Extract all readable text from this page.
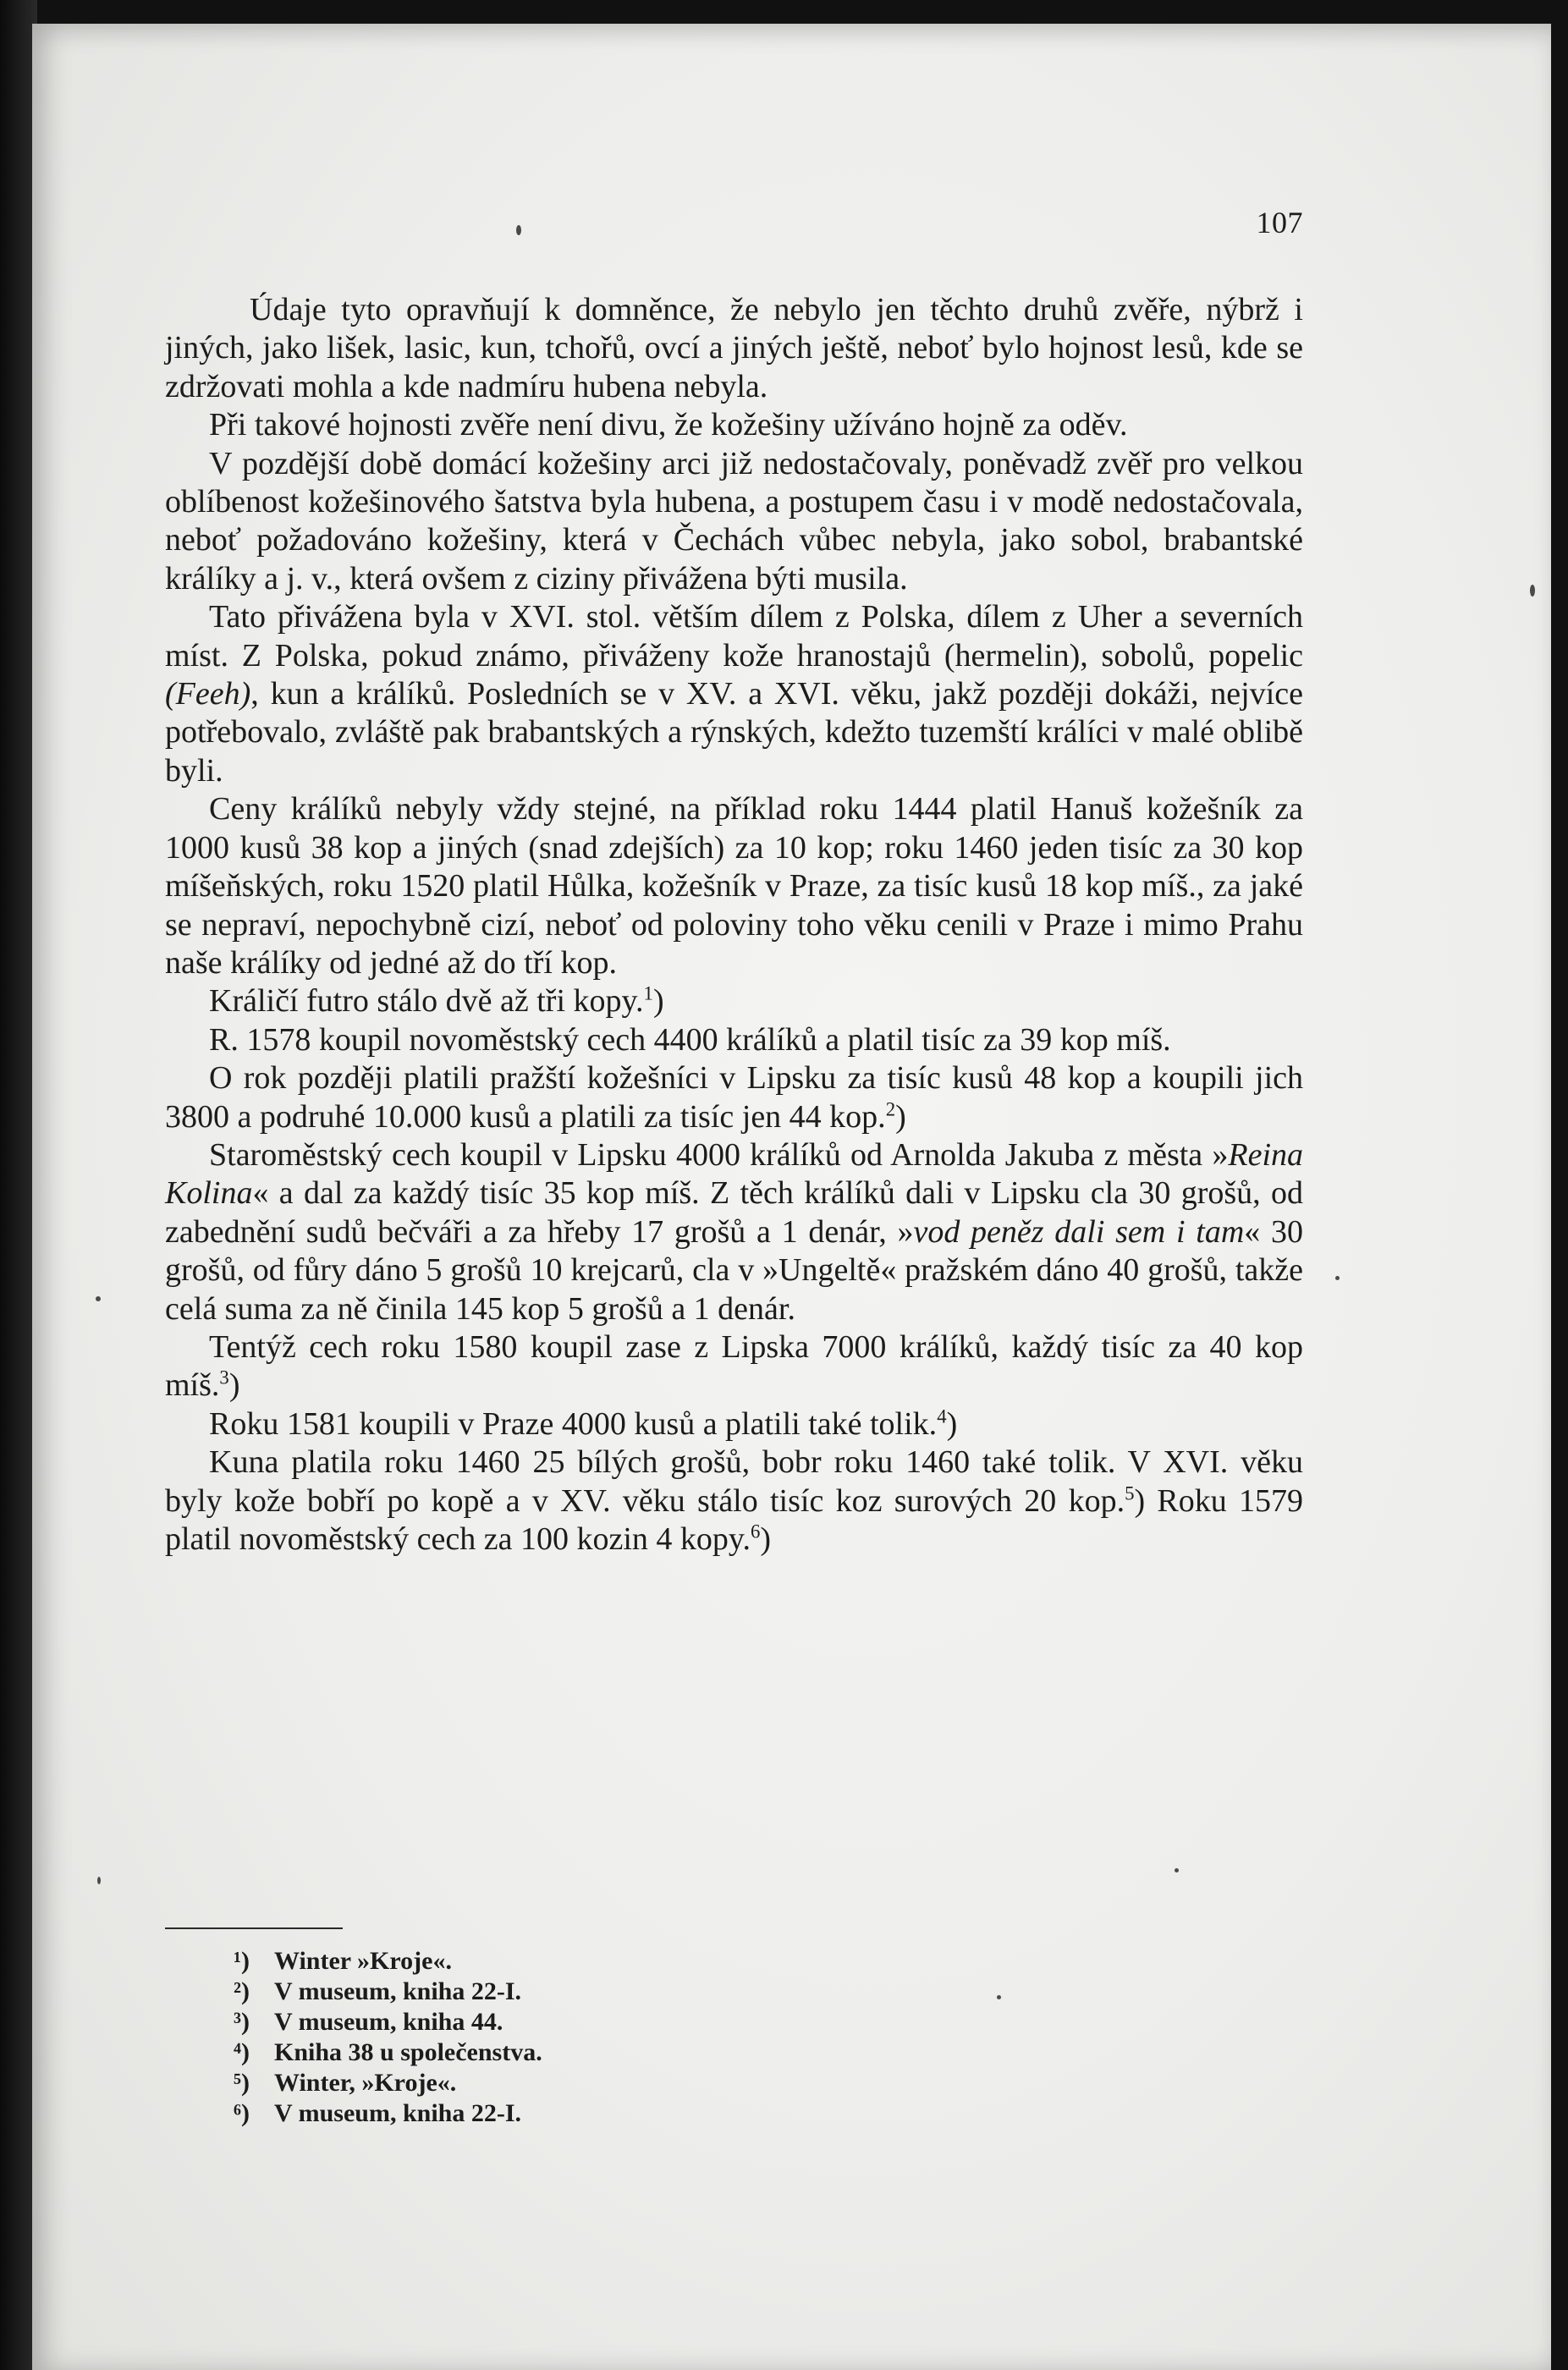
107

Údaje tyto opravňují k domněnce, že nebylo jen těchto druhů zvěře, nýbrž i jiných, jako lišek, lasic, kun, tchořů, ovcí a jiných ještě, neboť bylo hojnost lesů, kde se zdržovati mohla a kde nadmíru hubena nebyla.

Při takové hojnosti zvěře není divu, že kožešiny užíváno hojně za oděv.

V pozdější době domácí kožešiny arci již nedostačovaly, poněvadž zvěř pro velkou oblíbenost kožešinového šatstva byla hubena, a postupem času i v modě nedostačovala, neboť požadováno kožešiny, která v Čechách vůbec nebyla, jako sobol, brabantské králíky a j. v., která ovšem z ciziny přivážena býti musila.

Tato přivážena byla v XVI. stol. větším dílem z Polska, dílem z Uher a severních míst. Z Polska, pokud známo, přiváženy kože hranostajů (hermelin), sobolů, popelic (Feeh), kun a králíků. Posledních se v XV. a XVI. věku, jakž později dokáži, nejvíce potřebovalo, zvláště pak brabantských a rýnských, kdežto tuzemští králíci v malé oblibě byli.

Ceny králíků nebyly vždy stejné, na příklad roku 1444 platil Hanuš kožešník za 1000 kusů 38 kop a jiných (snad zdejších) za 10 kop; roku 1460 jeden tisíc za 30 kop míšeňských, roku 1520 platil Hůlka, kožešník v Praze, za tisíc kusů 18 kop míš., za jaké se nepraví, nepochybně cizí, neboť od poloviny toho věku cenili v Praze i mimo Prahu naše králíky od jedné až do tří kop.

Králičí futro stálo dvě až tři kopy.$^1$)

R. 1578 koupil novoměstský cech 4400 králíků a platil tisíc za 39 kop míš.

O rok později platili pražští kožešníci v Lipsku za tisíc kusů 48 kop a koupili jich 3800 a podruhé 10.000 kusů a platili za tisíc jen 44 kop.$^2$)

Staroměstský cech koupil v Lipsku 4000 králíků od Arnolda Jakuba z města »Reina Kolina« a dal za každý tisíc 35 kop míš. Z těch králíků dali v Lipsku cla 30 grošů, od zabednění sudů bečváři a za hřeby 17 grošů a 1 denár, »vod peněz dali sem i tam« 30 grošů, od fůry dáno 5 grošů 10 krejcarů, cla v »Ungeltě« pražském dáno 40 grošů, takže celá suma za ně činila 145 kop 5 grošů a 1 denár.

Tentýž cech roku 1580 koupil zase z Lipska 7000 králíků, každý tisíc za 40 kop míš.$^3$)

Roku 1581 koupili v Praze 4000 kusů a platili také tolik.$^4$)

Kuna platila roku 1460 25 bílých grošů, bobr roku 1460 také tolik. V XVI. věku byly kože bobří po kopě a v XV. věku stálo tisíc koz surových 20 kop.$^5$) Roku 1579 platil novoměstský cech za 100 kozin 4 kopy.$^6$)

¹) Winter »Kroje«.

²) V museum, kniha 22-I.

³) V museum, kniha 44.

⁴) Kniha 38 u společenstva.

⁵) Winter, »Kroje«.

⁶) V museum, kniha 22-I.
